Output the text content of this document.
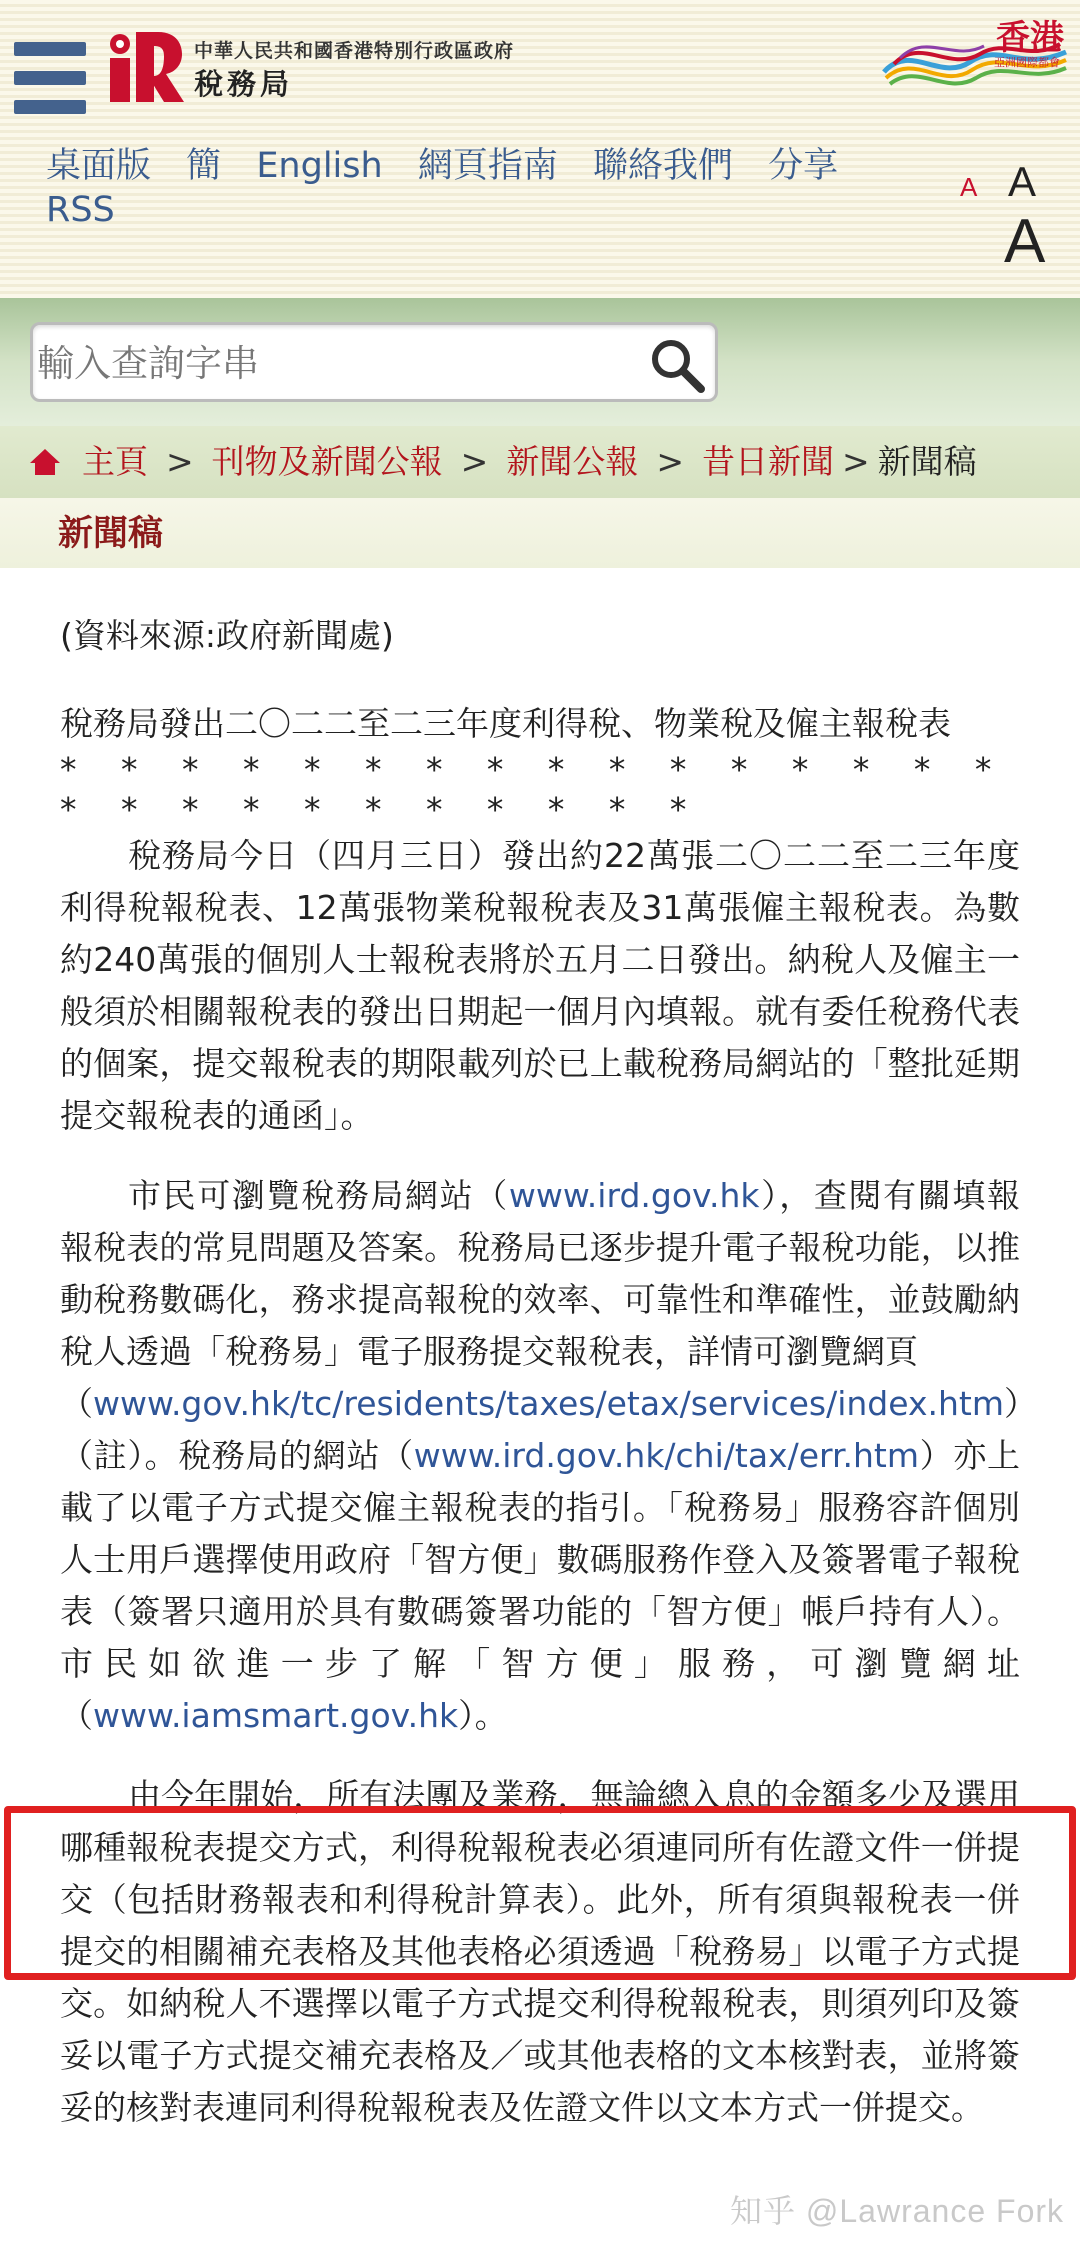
中華人民共和國香港特別行政區政府
稅務局
香港
亞洲國際都會
桌面版 簡 English 網頁指南 聯絡我們 分享
RSS
A A
A
輸入查詢字串
主頁 > 刊物及新聞公報 > 新聞公報 > 昔日新聞 > 新聞稿
新聞稿

(資料來源:政府新聞處)

稅務局發出二〇二二至二三年度利得稅、物業稅及僱主報稅表

* * * * * * * * * * * * * * * * * * * * * * * * * * *

稅務局今日（四月三日）發出約22萬張二〇二二至二三年度利得稅報稅表、12萬張物業稅報稅表及31萬張僱主報稅表。為數約240萬張的個別人士報稅表將於五月二日發出。納稅人及僱主一般須於相關報稅表的發出日期起一個月內填報。就有委任稅務代表的個案，提交報稅表的期限載列於已上載稅務局網站的「整批延期提交報稅表的通函」。

市民可瀏覽稅務局網站（www.ird.gov.hk），查閱有關填報報稅表的常見問題及答案。稅務局已逐步提升電子報稅功能，以推動稅務數碼化，務求提高報稅的效率、可靠性和準確性，並鼓勵納稅人透過「稅務易」電子服務提交報稅表，詳情可瀏覽網頁
（www.gov.hk/tc/residents/taxes/etax/services/index.htm）（註）。稅務局的網站（www.ird.gov.hk/chi/tax/err.htm）亦上載了以電子方式提交僱主報稅表的指引。「稅務易」服務容許個別人士用戶選擇使用政府「智方便」數碼服務作登入及簽署電子報稅表（簽署只適用於具有數碼簽署功能的「智方便」帳戶持有人）。市民如欲進一步了解「智方便」服務，可瀏覽網址（www.iamsmart.gov.hk）。

由今年開始，所有法團及業務，無論總入息的金額多少及選用哪種報稅表提交方式，利得稅報稅表必須連同所有佐證文件一併提交（包括財務報表和利得稅計算表）。此外，所有須與報稅表一併提交的相關補充表格及其他表格必須透過「稅務易」以電子方式提交。如納稅人不選擇以電子方式提交利得稅報稅表，則須列印及簽妥以電子方式提交補充表格及／或其他表格的文本核對表，並將簽妥的核對表連同利得稅報稅表及佐證文件以文本方式一併提交。

知乎 @Lawrance Fork
